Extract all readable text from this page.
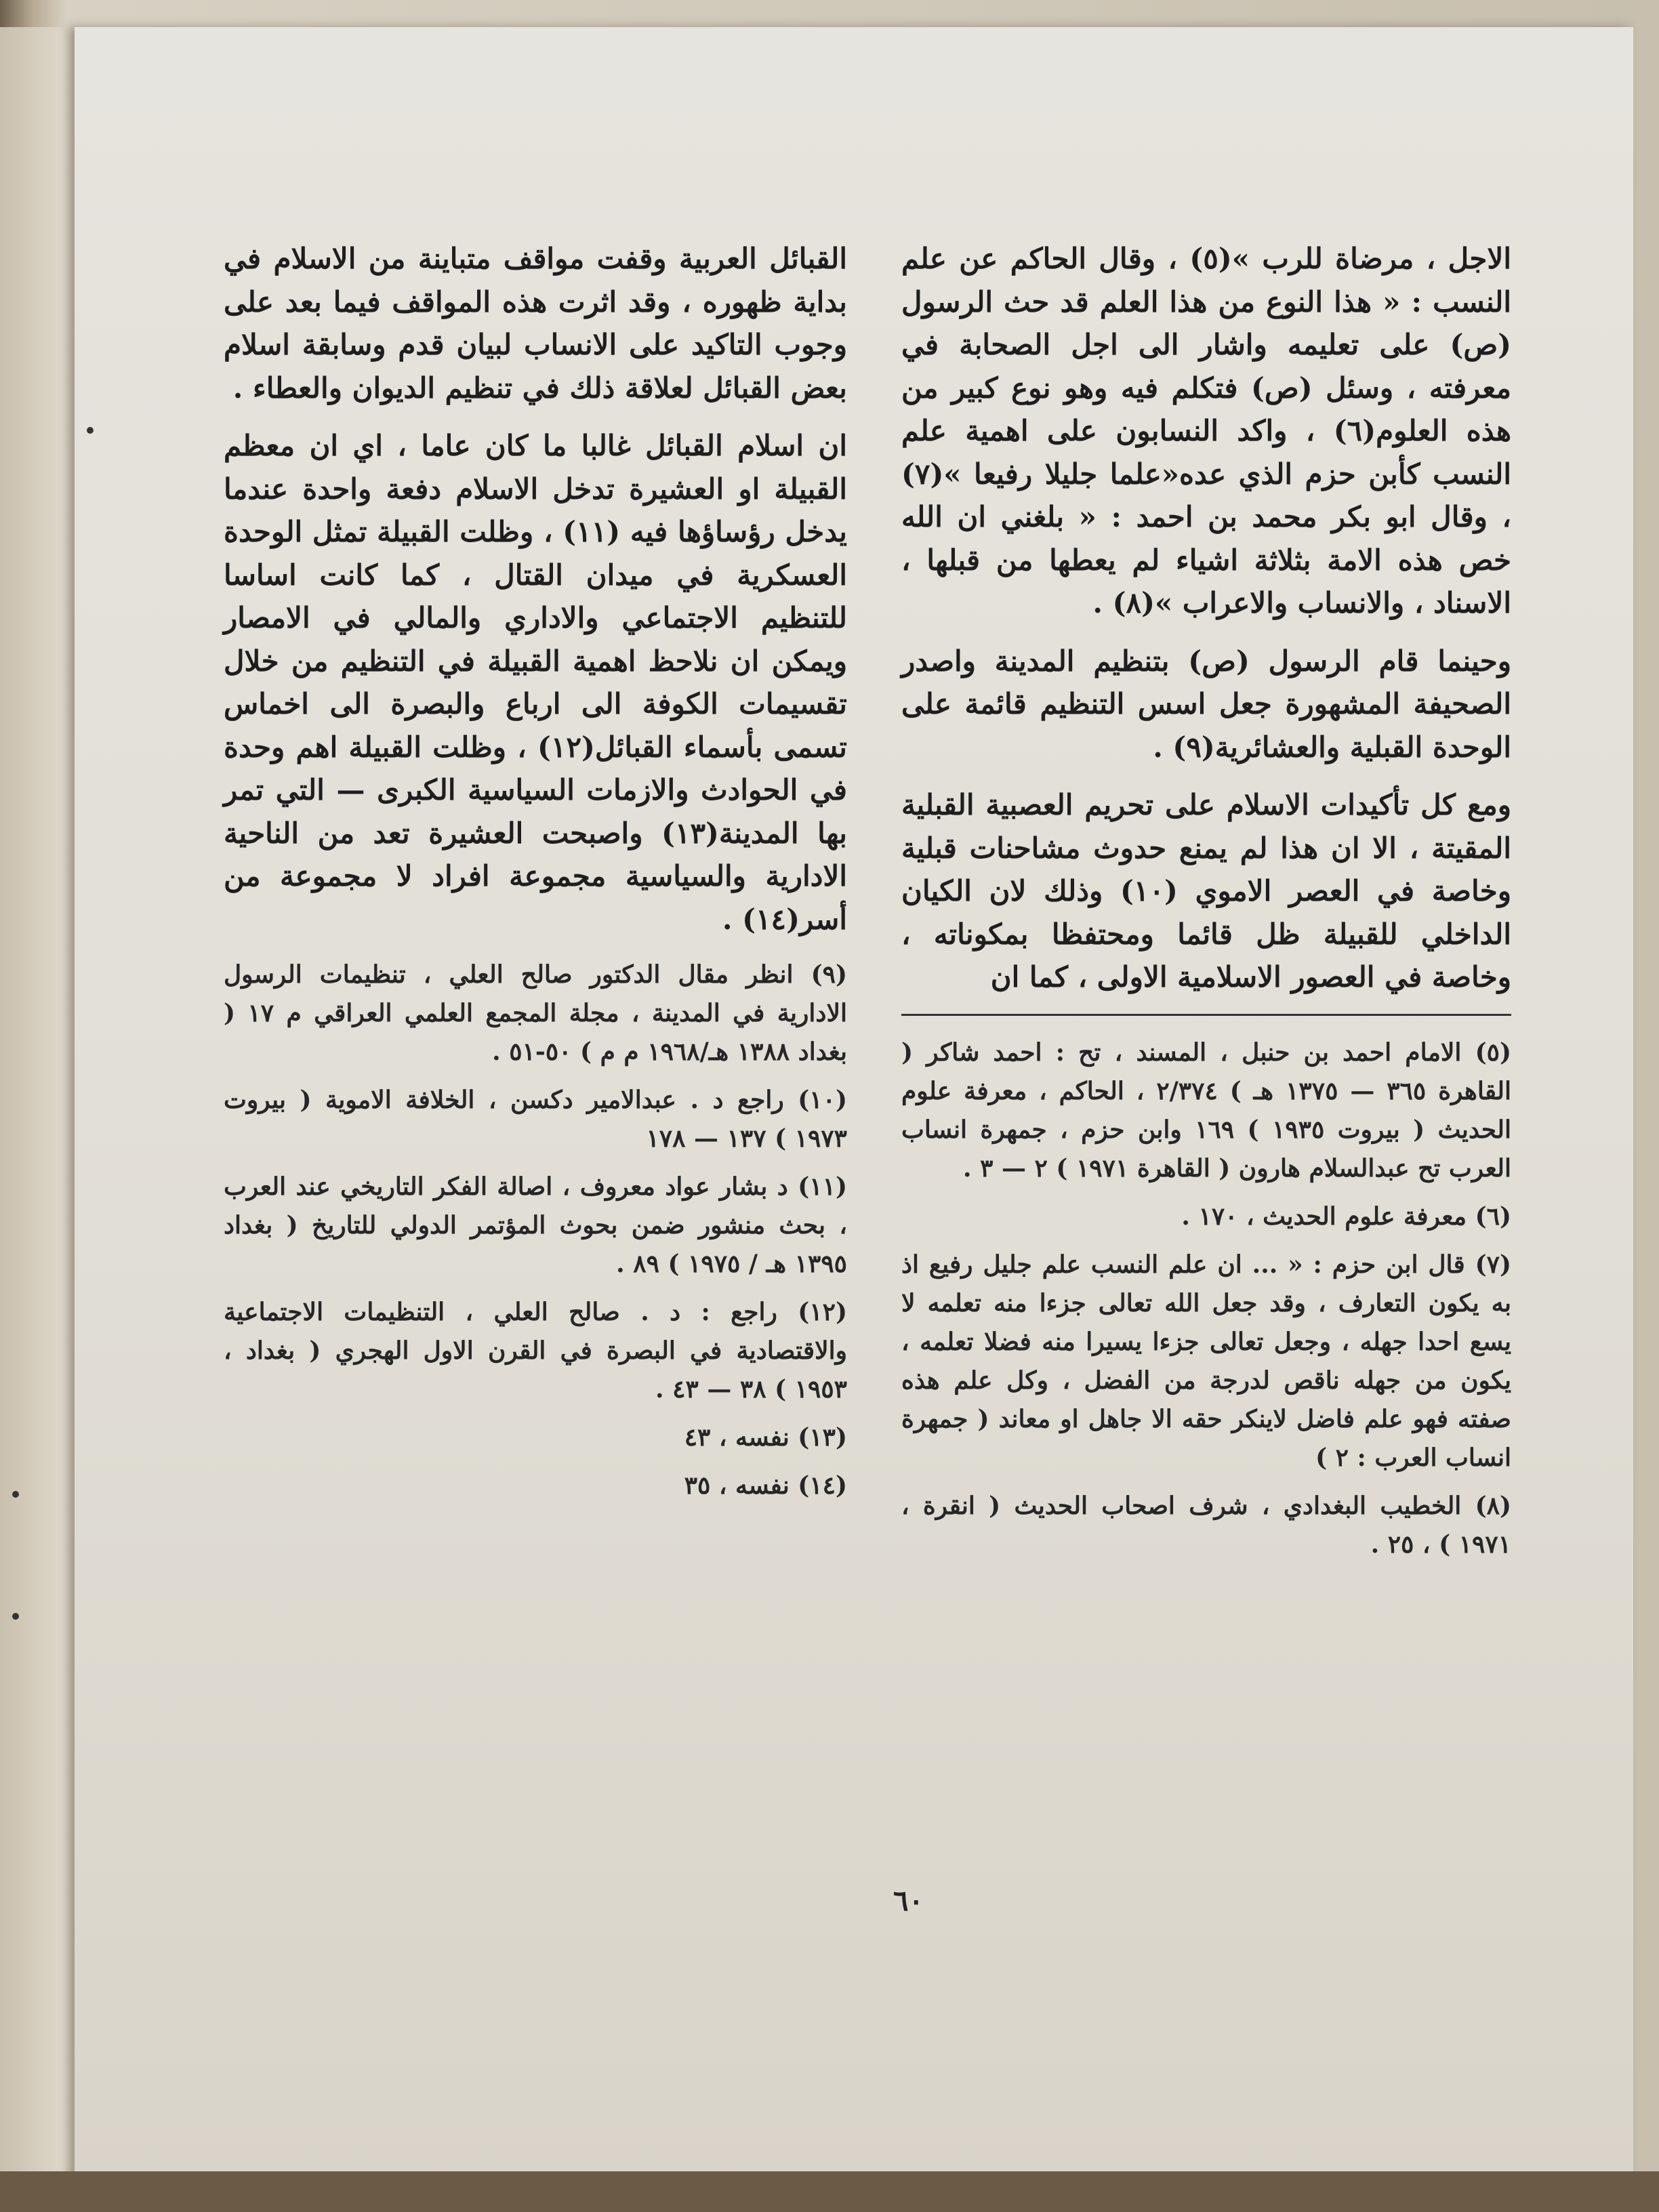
الاجل ، مرضاة للرب »(٥) ، وقال الحاكم عن علم النسب : « هذا النوع من هذا العلم قد حث الرسول (ص) على تعليمه واشار الى اجل الصحابة في معرفته ، وسئل (ص) فتكلم فيه وهو نوع كبير من هذه العلوم(٦) ، واكد النسابون على اهمية علم النسب كأبن حزم الذي عده«علما جليلا رفيعا »(٧) ، وقال ابو بكر محمد بن احمد : « بلغني ان الله خص هذه الامة بثلاثة اشياء لم يعطها من قبلها ، الاسناد ، والانساب والاعراب »(٨) .

وحينما قام الرسول (ص) بتنظيم المدينة واصدر الصحيفة المشهورة جعل اسس التنظيم قائمة على الوحدة القبلية والعشائرية(٩) .

ومع كل تأكيدات الاسلام على تحريم العصبية القبلية المقيتة ، الا ان هذا لم يمنع حدوث مشاحنات قبلية وخاصة في العصر الاموي (١٠) وذلك لان الكيان الداخلي للقبيلة ظل قائما ومحتفظا بمكوناته ، وخاصة في العصور الاسلامية الاولى ، كما ان

(٥) الامام احمد بن حنبل ، المسند ، تح : احمد شاكر ( القاهرة ٣٦٥ — ١٣٧٥ هـ ) ٢/٣٧٤ ، الحاكم ، معرفة علوم الحديث ( بيروت ١٩٣٥ ) ١٦٩ وابن حزم ، جمهرة انساب العرب تح عبدالسلام هارون ( القاهرة ١٩٧١ ) ٢ — ٣ .

(٦) معرفة علوم الحديث ، ١٧٠ .

(٧) قال ابن حزم : « ... ان علم النسب علم جليل رفيع اذ به يكون التعارف ، وقد جعل الله تعالى جزءا منه تعلمه لا يسع احدا جهله ، وجعل تعالى جزءا يسيرا منه فضلا تعلمه ، يكون من جهله ناقص لدرجة من الفضل ، وكل علم هذه صفته فهو علم فاضل لاينكر حقه الا جاهل او معاند ( جمهرة انساب العرب : ٢ )

(٨) الخطيب البغدادي ، شرف اصحاب الحديث ( انقرة ، ١٩٧١ ) ، ٢٥ .

القبائل العربية وقفت مواقف متباينة من الاسلام في بداية ظهوره ، وقد اثرت هذه المواقف فيما بعد على وجوب التاكيد على الانساب لبيان قدم وسابقة اسلام بعض القبائل لعلاقة ذلك في تنظيم الديوان والعطاء .

ان اسلام القبائل غالبا ما كان عاما ، اي ان معظم القبيلة او العشيرة تدخل الاسلام دفعة واحدة عندما يدخل رؤساؤها فيه (١١) ، وظلت القبيلة تمثل الوحدة العسكرية في ميدان القتال ، كما كانت اساسا للتنظيم الاجتماعي والاداري والمالي في الامصار ويمكن ان نلاحظ اهمية القبيلة في التنظيم من خلال تقسيمات الكوفة الى ارباع والبصرة الى اخماس تسمى بأسماء القبائل(١٢) ، وظلت القبيلة اهم وحدة في الحوادث والازمات السياسية الكبرى — التي تمر بها المدينة(١٣) واصبحت العشيرة تعد من الناحية الادارية والسياسية مجموعة افراد لا مجموعة من أسر(١٤) .

(٩) انظر مقال الدكتور صالح العلي ، تنظيمات الرسول الادارية في المدينة ، مجلة المجمع العلمي العراقي م ١٧ ( بغداد ١٣٨٨ هـ/١٩٦٨ م م ) ٥٠-٥١ .

(١٠) راجع د . عبدالامير دكسن ، الخلافة الاموية ( بيروت ١٩٧٣ ) ١٣٧ — ١٧٨

(١١) د بشار عواد معروف ، اصالة الفكر التاريخي عند العرب ، بحث منشور ضمن بحوث المؤتمر الدولي للتاريخ ( بغداد ١٣٩٥ هـ / ١٩٧٥ ) ٨٩ .

(١٢) راجع : د . صالح العلي ، التنظيمات الاجتماعية والاقتصادية في البصرة في القرن الاول الهجري ( بغداد ، ١٩٥٣ ) ٣٨ — ٤٣ .

(١٣) نفسه ، ٤٣

(١٤) نفسه ، ٣٥

٦٠
